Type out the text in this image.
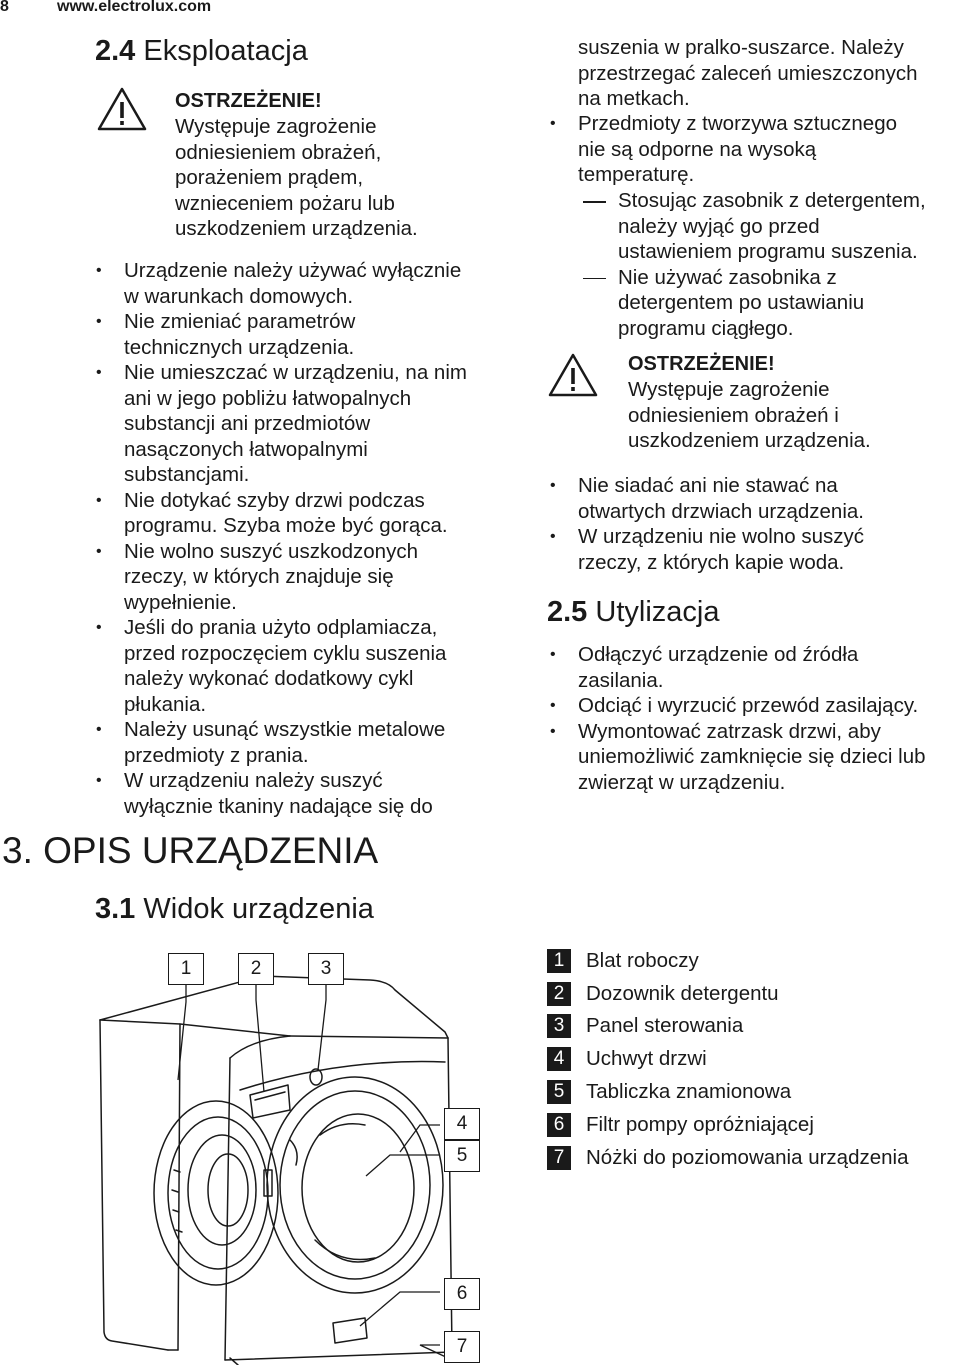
8	www.electrolux.com
2.4 Eksploatacja
OSTRZEŻENIE!
Występuje zagrożenie
odniesieniem obrażeń,
porażeniem prądem,
wznieceniem pożaru lub
uszkodzeniem urządzenia.
• Urządzenie należy używać wyłącznie
w warunkach domowych.
• Nie zmieniać parametrów
technicznych urządzenia.
• Nie umieszczać w urządzeniu, na nim
ani w jego pobliżu łatwopalnych
substancji ani przedmiotów
nasączonych łatwopalnymi
substancjami.
• Nie dotykać szyby drzwi podczas
programu. Szyba może być gorąca.
• Nie wolno suszyć uszkodzonych
rzeczy, w których znajduje się
wypełnienie.
• Jeśli do prania użyto odplamiacza,
przed rozpoczęciem cyklu suszenia
należy wykonać dodatkowy cykl
płukania.
• Należy usunąć wszystkie metalowe
przedmioty z prania.
• W urządzeniu należy suszyć
wyłącznie tkaniny nadające się do
suszenia w pralko-suszarce. Należy
przestrzegać zaleceń umieszczonych
na metkach.
• Przedmioty z tworzywa sztucznego
nie są odporne na wysoką
temperaturę.
Stosując zasobnik z detergentem,
należy wyjąć go przed
ustawieniem programu suszenia.
Nie używać zasobnika z
detergentem po ustawianiu
programu ciągłego.
OSTRZEŻENIE!
Występuje zagrożenie
odniesieniem obrażeń i
uszkodzeniem urządzenia.
• Nie siadać ani nie stawać na
otwartych drzwiach urządzenia.
• W urządzeniu nie wolno suszyć
rzeczy, z których kapie woda.
2.5 Utylizacja
• Odłączyć urządzenie od źródła
zasilania.
• Odciąć i wyrzucić przewód zasilający.
• Wymontować zatrzask drzwi, aby
uniemożliwić zamknięcie się dzieci lub
zwierząt w urządzeniu.
3. OPIS URZĄDZENIA
3.1 Widok urządzenia
1	2	3
4
5
6
7
1 Blat roboczy
2 Dozownik detergentu
3 Panel sterowania
4 Uchwyt drzwi
5 Tabliczka znamionowa
6 Filtr pompy opróżniającej
7 Nóżki do poziomowania urządzenia
